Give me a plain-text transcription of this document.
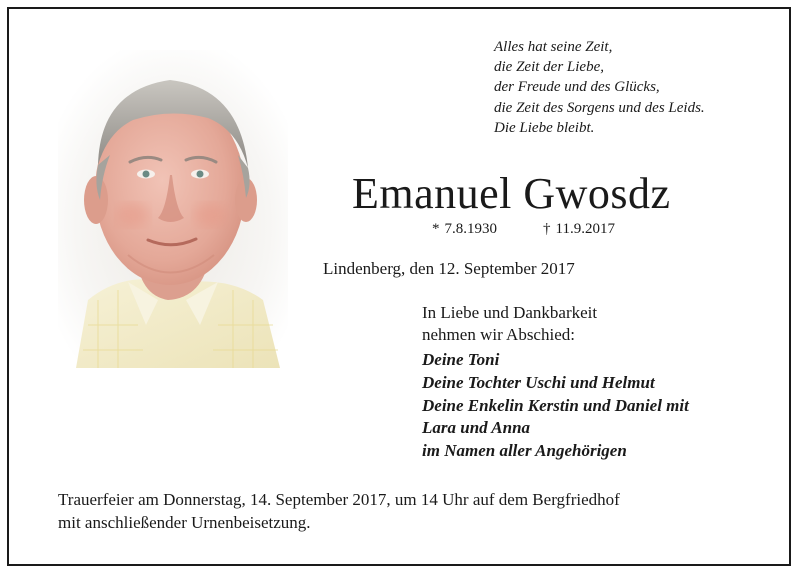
Alles hat seine Zeit,
die Zeit der Liebe,
der Freude und des Glücks,
die Zeit des Sorgens und des Leids.
Die Liebe bleibt.
Emanuel Gwosdz
* 7.8.1930	† 11.9.2017
Lindenberg, den 12. September 2017
In Liebe und Dankbarkeit
nehmen wir Abschied:
Deine Toni
Deine Tochter Uschi und Helmut
Deine Enkelin Kerstin und Daniel mit
Lara und Anna
im Namen aller Angehörigen
Trauerfeier am Donnerstag, 14. September 2017, um 14 Uhr auf dem Bergfriedhof
mit anschließender Urnenbeisetzung.
